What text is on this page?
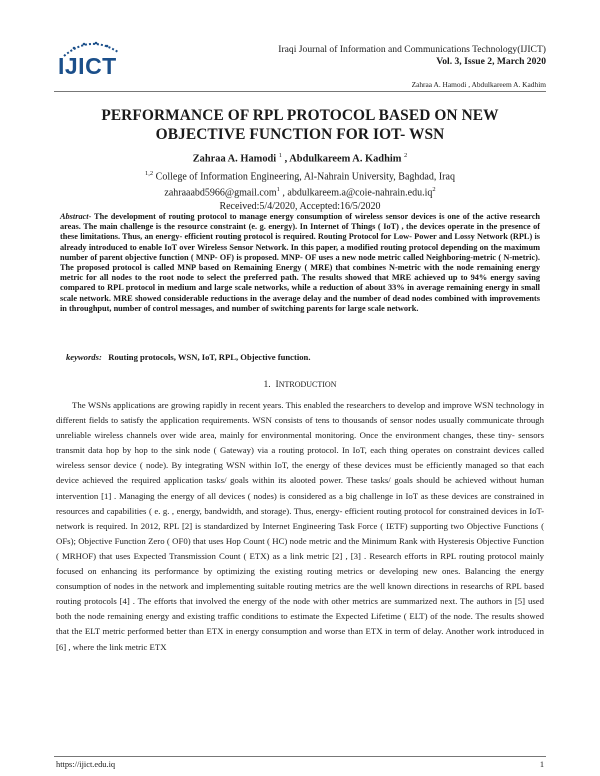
IJICT
Iraqi Journal of Information and Communications Technology(IJICT)
Vol. 3, Issue 2, March 2020
Zahraa A. Hamodi , Abdulkareem A. Kadhim
PERFORMANCE OF RPL PROTOCOL BASED ON NEW
OBJECTIVE FUNCTION FOR IOT- WSN
Zahraa A. Hamodi $^1$ , Abdulkareem A. Kadhim $^2$
$^{1,2}$ College of Information Engineering, Al-Nahrain University, Baghdad, Iraq
zahraaabd5966@gmail.com$^1$ , $abdulkareem.a@coie-nahrain.edu.iq^2$
Received:5/4/2020, Accepted:16/5/2020
Abstract- The development of routing protocol to manage energy consumption of wireless sensor devices is one of the active research areas. The main challenge is the resource constraint (e. g. energy). In Internet of Things ( IoT) , the devices operate in the presence of these limitations. Thus, an energy- efficient routing protocol is required. Routing Protocol for Low- Power and Lossy Network (RPL) is already introduced to enable IoT over Wireless Sensor Network. In this paper, a modified routing protocol depending on the maximum number of parent objective function ( MNP- OF) is proposed. MNP- OF uses a new node metric called Neighboring-metric ( N-metric). The proposed protocol is called MNP based on Remaining Energy ( MRE) that combines N-metric with the node remaining energy metric for all nodes to the root node to select the preferred path. The results showed that MRE achieved up to 94% energy saving compared to RPL protocol in medium and large scale networks, while a reduction of about 33% in average remaining energy in small scale network. MRE showed considerable reductions in the average delay and the number of dead nodes combined with improvements in throughput, number of control messages, and number of switching parents for large scale network.
keywords: Routing protocols, WSN, IoT, RPL, Objective function.
1. INTRODUCTION
The WSNs applications are growing rapidly in recent years. This enabled the researchers to develop and improve WSN technology in different fields to satisfy the application requirements. WSN consists of tens to thousands of sensor nodes usually communicate through unreliable wireless channels over wide area, mainly for environmental monitoring. Once the environment changes, these tiny- sensors transmit data hop by hop to the sink node ( Gateway) via a routing protocol. In IoT, each thing operates on constraint devices called wireless sensor device ( node). By integrating WSN within IoT, the energy of these devices must be efficiently managed so that each device achieved the required application tasks/ goals within its alooted power. These tasks/ goals should be achieved without human intervention [1] . Managing the energy of all devices ( nodes) is considered as a big challenge in IoT as these devices are constrained in resources and capabilities ( e. g. , energy, bandwidth, and storage). Thus, energy- efficient routing protocol for constrained devices in IoT- network is required. In 2012, RPL [2] is standardized by Internet Engineering Task Force ( IETF) supporting two Objective Functions ( OFs); Objective Function Zero ( OF0) that uses Hop Count ( HC) node metric and the Minimum Rank with Hysteresis Objective Function ( MRHOF) that uses Expected Transmission Count ( ETX) as a link metric [2] , [3] . Research efforts in RPL routing protocol mainly focused on enhancing its performance by optimizing the existing routing metrics or developing new ones. Balancing the energy consumption of nodes in the network and implementing suitable routing metrics are the well known directions in researchs of RPL based routing protocols [4] . The efforts that involved the energy of the node with other metrics are summarized next. The authors in [5] used both the node remaining energy and existing traffic conditions to estimate the Expected Lifetime ( ELT) of the node. The results showed that the ELT metric performed better than ETX in energy consumption and worse than ETX in term of delay. Another work introduced in [6] , where the link metric ETX
https://ijict.edu.iq	1
